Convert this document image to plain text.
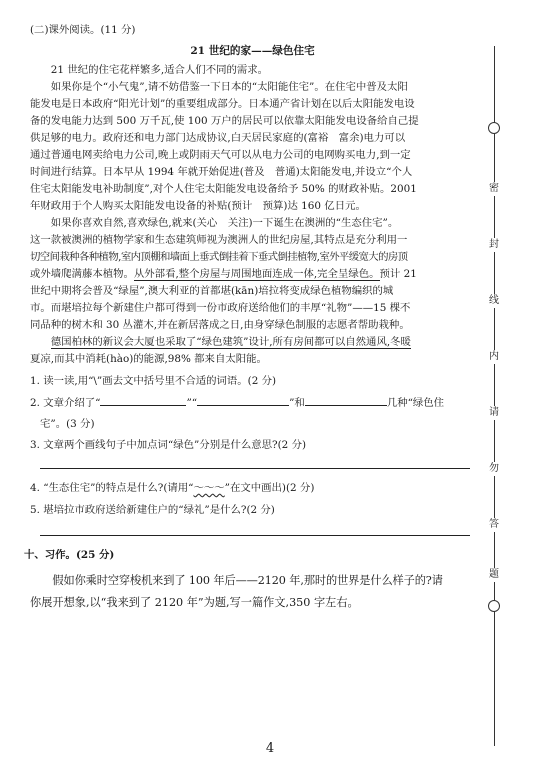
(二)课外阅读。(11 分)
21 世纪的家——绿色住宅
21 世纪的住宅花样繁多,适合人们不同的需求。
如果你是个“小气鬼”,请不妨借鉴一下日本的“太阳能住宅”。在住宅中普及太阳
能发电是日本政府“阳光计划”的重要组成部分。日本通产省计划在以后太阳能发电设
备的发电能力达到 500 万千瓦,使 100 万户的居民可以依靠太阳能发电设备给自己提
供足够的电力。政府还和电力部门达成协议,白天居民家庭的(富裕　富余)电力可以
通过普通电网卖给电力公司,晚上或阴雨天气可以从电力公司的电网购买电力,到一定
时间进行结算。日本早从 1994 年就开始促进(普及　普通)太阳能发电,并设立“个人
住宅太阳能发电补助制度”,对个人住宅太阳能发电设备给予 50% 的财政补贴。2001
年财政用于个人购买太阳能发电设备的补贴(预计　预算)达 160 亿日元。
如果你喜欢自然,喜欢绿色,就来(关心　关注)一下诞生在澳洲的“生态住宅”。
这一款被澳洲的植物学家和生态建筑师视为澳洲人的世纪房屋,其特点是充分利用一
切空间栽种各种植物,室内顶棚和墙面上垂式倒挂着下垂式倒挂植物,室外平缓宽大的房顶
或外墙爬满藤本植物。从外部看,整个房屋与周围地面连成一体,完全呈绿色。预计 21
世纪中期将会普及“绿屋”,澳大利亚的首都堪(kān)培拉将变成绿色植物编织的城
市。而堪培拉每个新建住户都可得到一份市政府送给他们的丰厚“礼物”——15 棵不
同品种的树木和 30 丛灌木,并在新居落成之日,由身穿绿色制服的志愿者帮助栽种。
德国柏林的新议会大厦也采取了“绿色建筑”设计,所有房间都可以自然通风,冬暖
夏凉,而其中消耗(hào)的能源,98% 都来自太阳能。
1. 读一读,用“\”画去文中括号里不合适的词语。(2 分)
2. 文章介绍了“	”“	”和	几种“绿色住
宅”。(3 分)
3. 文章两个画线句子中加点词“绿色”分别是什么意思?(2 分)
4. “生态住宅”的特点是什么?(请用“～～～”在文中画出)(2 分)
5. 堪培拉市政府送给新建住户的“绿礼”是什么?(2 分)
十、习作。(25 分)
假如你乘时空穿梭机来到了 100 年后——2120 年,那时的世界是什么样子的?请
你展开想象,以“我来到了 2120 年”为题,写一篇作文,350 字左右。
密
封
线
内
请
勿
答
题
4
